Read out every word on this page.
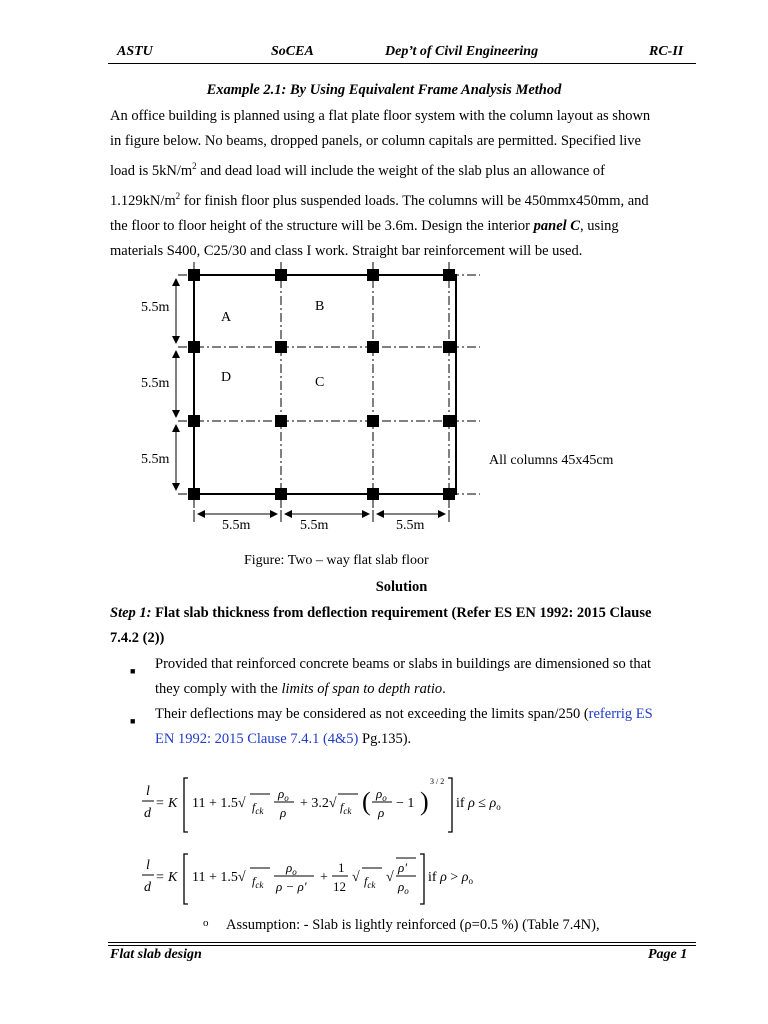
ASTU	SoCEA	Dep’t of Civil Engineering	RC-II
Example 2.1: By Using Equivalent Frame Analysis Method
An office building is planned using a flat plate floor system with the column layout as shown
in figure below. No beams, dropped panels, or column capitals are permitted. Specified live
load is $5kN/m^2$ and dead load will include the weight of the slab plus an allowance of
$1.129kN/m^2$ for finish floor plus suspended loads. The columns will be 450mmx450mm, and
the floor to floor height of the structure will be 3.6m. Design the interior panel C, using
materials S400, C25/30 and class I work. Straight bar reinforcement will be used.
A
B
D	C
5.5m
5.5m
5.5m
5.5m	5.5m	5.5m
All columns 45x45cm
Figure: Two – way flat slab floor
Solution
Step 1: Flat slab thickness from deflection requirement (Refer ES EN 1992: 2015 Clause
7.4.2 (2))
■ Provided that reinforced concrete beams or slabs in buildings are dimensioned so that
they comply with the limits of span to depth ratio.
■ Their deflections may be considered as not exceeding the limits span/250 (referrig ES
EN 1992: 2015 Clause 7.4.1 (4&5) Pg.135).
l
d
= K 11 + 1.5√ $f_{ck}$
$\rho_o$
ρ
+ 3.2√ $f_{ck}$ ( $\rho_o$
ρ
− 1 )
3 / 2
if $\rho \le \rho_o$
l
d
= K 11 + 1.5√ $f_{ck}$
$\rho_o$
ρ − ρ'
+
1
12
√ $f_{ck}$ √
ρ'
$\rho_o$
if $\rho > \rho_o$
o Assumption: - Slab is lightly reinforced (ρ=0.5 %) (Table 7.4N),
Flat slab design	Page 1
